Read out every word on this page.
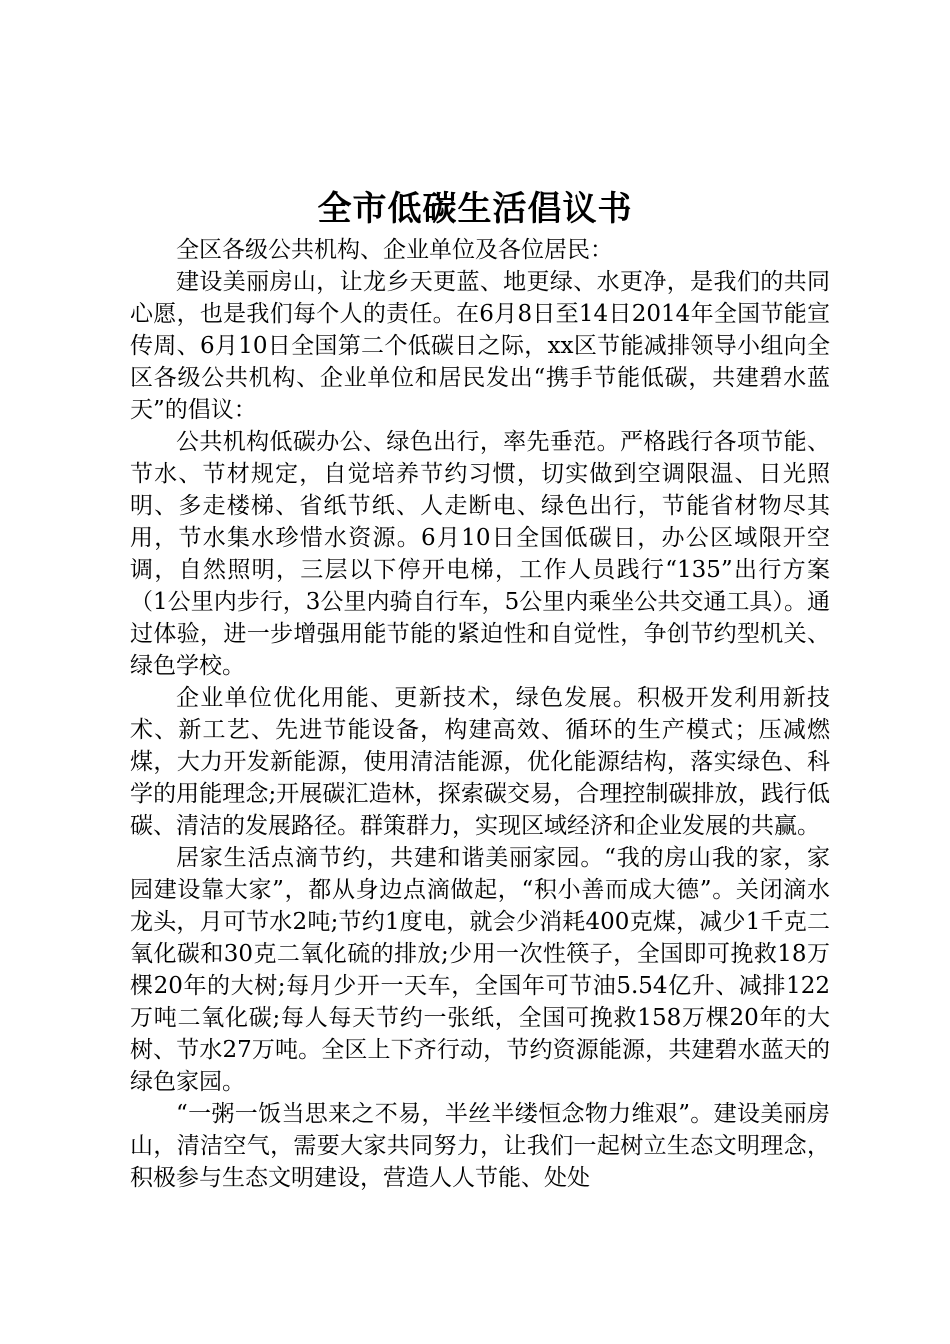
全市低碳生活倡议书

全区各级公共机构、企业单位及各位居民：

建设美丽房山，让龙乡天更蓝、地更绿、水更净，是我们的共同心愿，也是我们每个人的责任。在6月8日至14日2014年全国节能宣传周、6月10日全国第二个低碳日之际，xx区节能减排领导小组向全区各级公共机构、企业单位和居民发出“携手节能低碳，共建碧水蓝天”的倡议：

公共机构低碳办公、绿色出行，率先垂范。严格践行各项节能、节水、节材规定，自觉培养节约习惯，切实做到空调限温、日光照明、多走楼梯、省纸节纸、人走断电、绿色出行，节能省材物尽其用，节水集水珍惜水资源。6月10日全国低碳日，办公区域限开空调，自然照明，三层以下停开电梯，工作人员践行“135”出行方案（1公里内步行，3公里内骑自行车，5公里内乘坐公共交通工具）。通过体验，进一步增强用能节能的紧迫性和自觉性，争创节约型机关、绿色学校。

企业单位优化用能、更新技术，绿色发展。积极开发利用新技术、新工艺、先进节能设备，构建高效、循环的生产模式；压减燃煤，大力开发新能源，使用清洁能源，优化能源结构，落实绿色、科学的用能理念;开展碳汇造林，探索碳交易，合理控制碳排放，践行低碳、清洁的发展路径。群策群力，实现区域经济和企业发展的共赢。

居家生活点滴节约，共建和谐美丽家园。“我的房山我的家，家园建设靠大家”，都从身边点滴做起，“积小善而成大德”。关闭滴水龙头，月可节水2吨;节约1度电，就会少消耗400克煤，减少1千克二氧化碳和30克二氧化硫的排放;少用一次性筷子，全国即可挽救18万棵20年的大树;每月少开一天车，全国年可节油5.54亿升、减排122万吨二氧化碳;每人每天节约一张纸，全国可挽救158万棵20年的大树、节水27万吨。全区上下齐行动，节约资源能源，共建碧水蓝天的绿色家园。

“一粥一饭当思来之不易，半丝半缕恒念物力维艰”。建设美丽房山，清洁空气，需要大家共同努力，让我们一起树立生态文明理念，积极参与生态文明建设，营造人人节能、处处
